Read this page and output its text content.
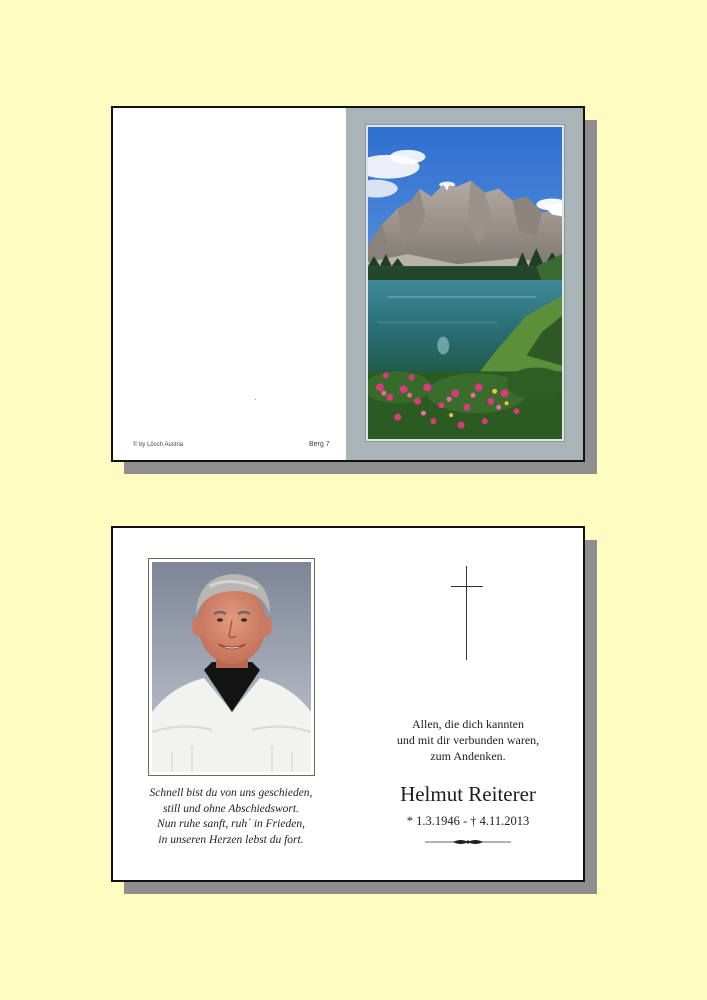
© by Lösch Austria	Berg 7
Schnell bist du von uns geschieden,
still und ohne Abschiedswort.
Nun ruhe sanft, ruh´ in Frieden,
in unseren Herzen lebst du fort.
Allen, die dich kannten
und mit dir verbunden waren,
zum Andenken.
Helmut Reiterer
* 1.3.1946 - † 4.11.2013
